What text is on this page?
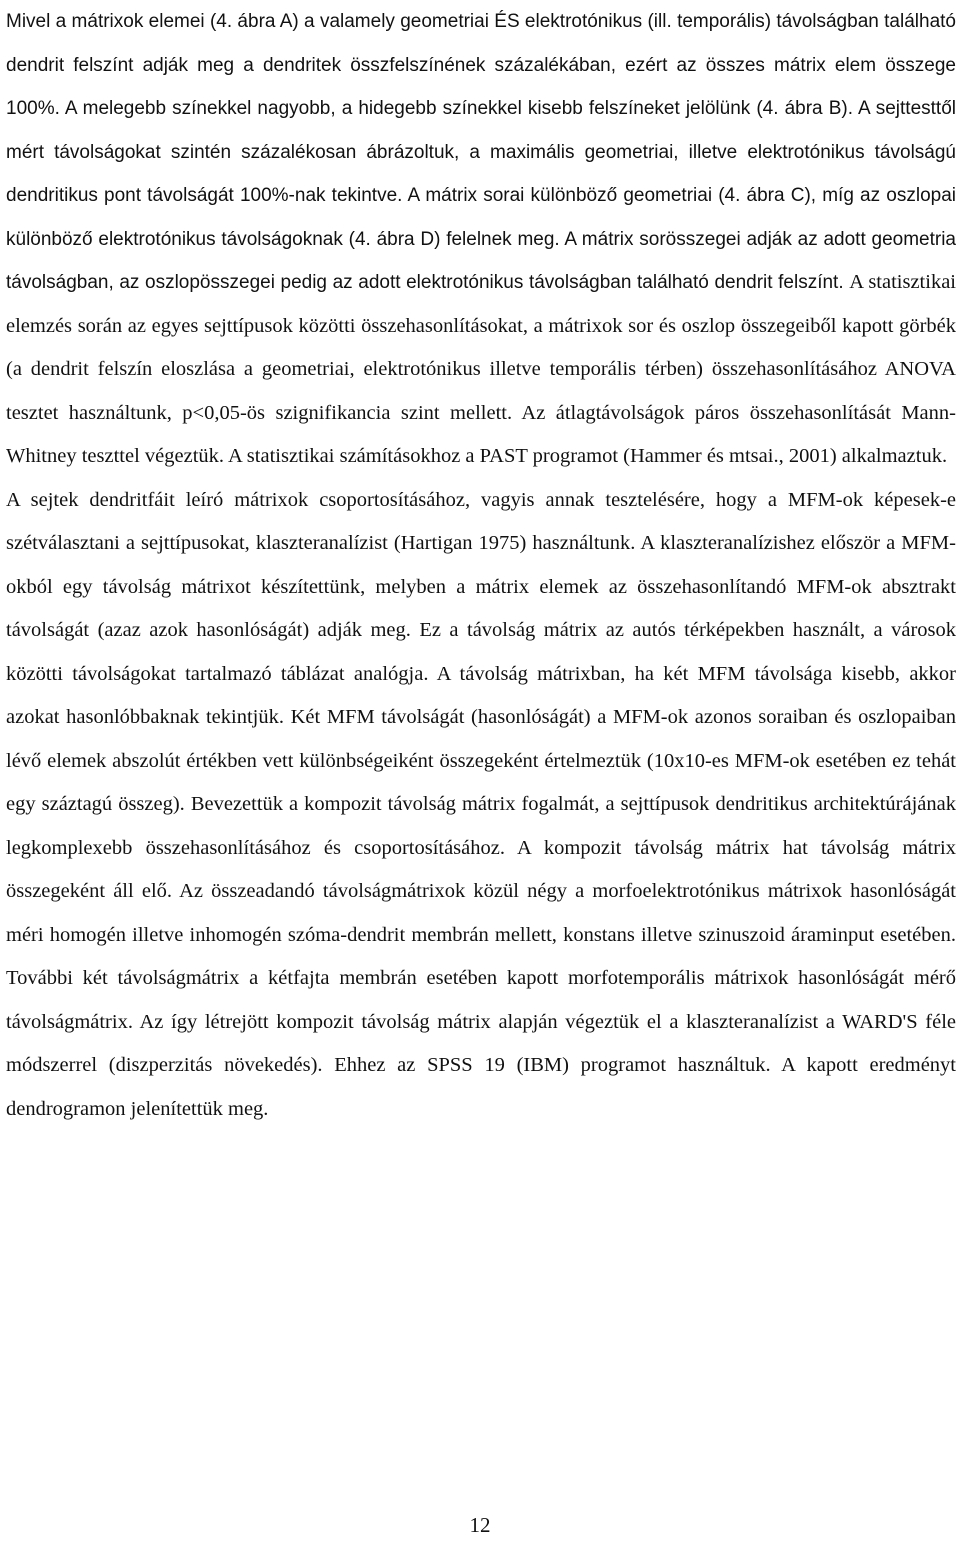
Mivel a mátrixok elemei (4. ábra A) a valamely geometriai ÉS elektrotónikus (ill. temporális) távolságban található dendrit felszínt adják meg a dendritek összfelszínének százalékában, ezért az összes mátrix elem összege 100%. A melegebb színekkel nagyobb, a hidegebb színekkel kisebb felszíneket jelölünk (4. ábra B). A sejttesttől mért távolságokat szintén százalékosan ábrázoltuk, a maximális geometriai, illetve elektrotónikus távolságú dendritikus pont távolságát 100%-nak tekintve. A mátrix sorai különböző geometriai (4. ábra C), míg az oszlopai különböző elektrotónikus távolságoknak (4. ábra D) felelnek meg. A mátrix sorösszegei adják az adott geometria távolságban, az oszlopösszegei pedig az adott elektrotónikus távolságban található dendrit felszínt. A statisztikai elemzés során az egyes sejttípusok közötti összehasonlításokat, a mátrixok sor és oszlop összegeiből kapott görbék (a dendrit felszín eloszlása a geometriai, elektrotónikus illetve temporális térben) összehasonlításához ANOVA tesztet használtunk, p<0,05-ös szignifikancia szint mellett. Az átlagtávolságok páros összehasonlítását Mann-Whitney teszttel végeztük. A statisztikai számításokhoz a PAST programot (Hammer és mtsai., 2001) alkalmaztuk.

A sejtek dendritfáit leíró mátrixok csoportosításához, vagyis annak tesztelésére, hogy a MFM-ok képesek-e szétválasztani a sejttípusokat, klaszteranalízist (Hartigan 1975) használtunk. A klaszteranalízishez először a MFM-okból egy távolság mátrixot készítettünk, melyben a mátrix elemek az összehasonlítandó MFM-ok absztrakt távolságát (azaz azok hasonlóságát) adják meg. Ez a távolság mátrix az autós térképekben használt, a városok közötti távolságokat tartalmazó táblázat analógja. A távolság mátrixban, ha két MFM távolsága kisebb, akkor azokat hasonlóbbaknak tekintjük. Két MFM távolságát (hasonlóságát) a MFM-ok azonos soraiban és oszlopaiban lévő elemek abszolút értékben vett különbségeiként összegeként értelmeztük (10x10-es MFM-ok esetében ez tehát egy száztagú összeg). Bevezettük a kompozit távolság mátrix fogalmát, a sejttípusok dendritikus architektúrájának legkomplexebb összehasonlításához és csoportosításához. A kompozit távolság mátrix hat távolság mátrix összegeként áll elő. Az összeadandó távolságmátrixok közül négy a morfoelektrotónikus mátrixok hasonlóságát méri homogén illetve inhomogén szóma-dendrit membrán mellett, konstans illetve szinuszoid áraminput esetében. További két távolságmátrix a kétfajta membrán esetében kapott morfotemporális mátrixok hasonlóságát mérő távolságmátrix. Az így létrejött kompozit távolság mátrix alapján végeztük el a klaszteranalízist a WARD'S féle módszerrel (diszperzitás növekedés). Ehhez az SPSS 19 (IBM) programot használtuk. A kapott eredményt dendrogramon jelenítettük meg.

12
